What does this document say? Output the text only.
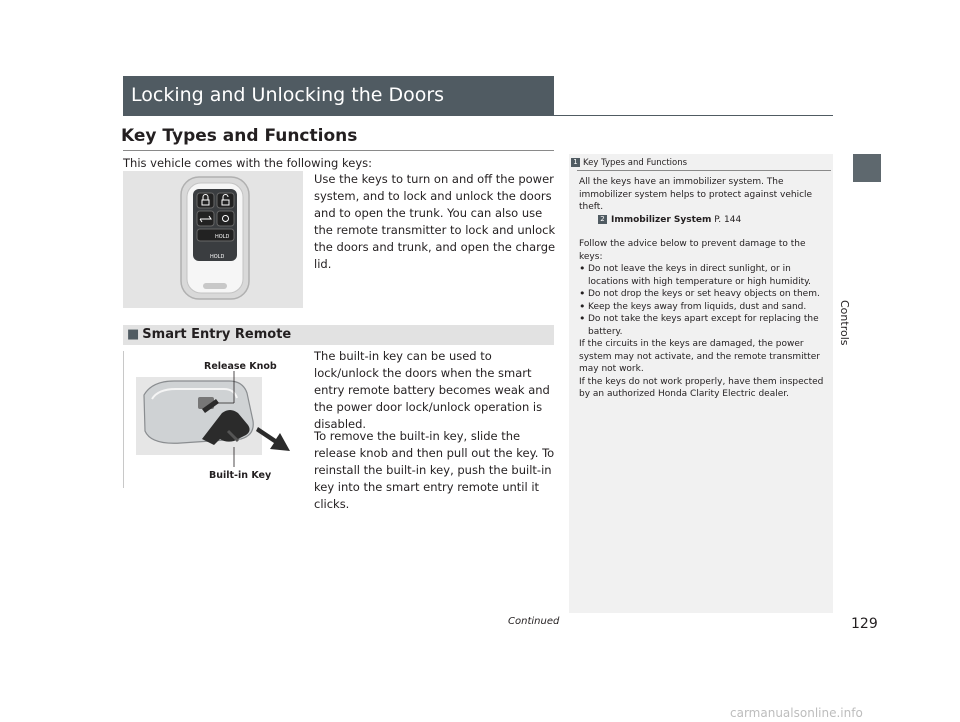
Locking and Unlocking the Doors
Key Types and Functions
This vehicle comes with the following keys:
HOLD
HOLD
Use the keys to turn on and off the power system, and to lock and unlock the doors and to open the trunk. You can also use the remote transmitter to lock and unlock the doors and trunk, and open the charge lid.
■ Smart Entry Remote
Release Knob
Built-in Key
The built-in key can be used to lock/unlock the doors when the smart entry remote battery becomes weak and the power door lock/unlock operation is disabled.
To remove the built-in key, slide the release knob and then pull out the key. To reinstall the built-in key, push the built-in key into the smart entry remote until it clicks.
1 Key Types and Functions

All the keys have an immobilizer system. The immobilizer system helps to protect against vehicle theft.

2 Immobilizer System P. 144

Follow the advice below to prevent damage to the keys:

• Do not leave the keys in direct sunlight, or in locations with high temperature or high humidity.
• Do not drop the keys or set heavy objects on them.
• Keep the keys away from liquids, dust and sand.
• Do not take the keys apart except for replacing the battery.

If the circuits in the keys are damaged, the power system may not activate, and the remote transmitter may not work.

If the keys do not work properly, have them inspected by an authorized Honda Clarity Electric dealer.

Controls
Continued	129
carmanualsonline.info
